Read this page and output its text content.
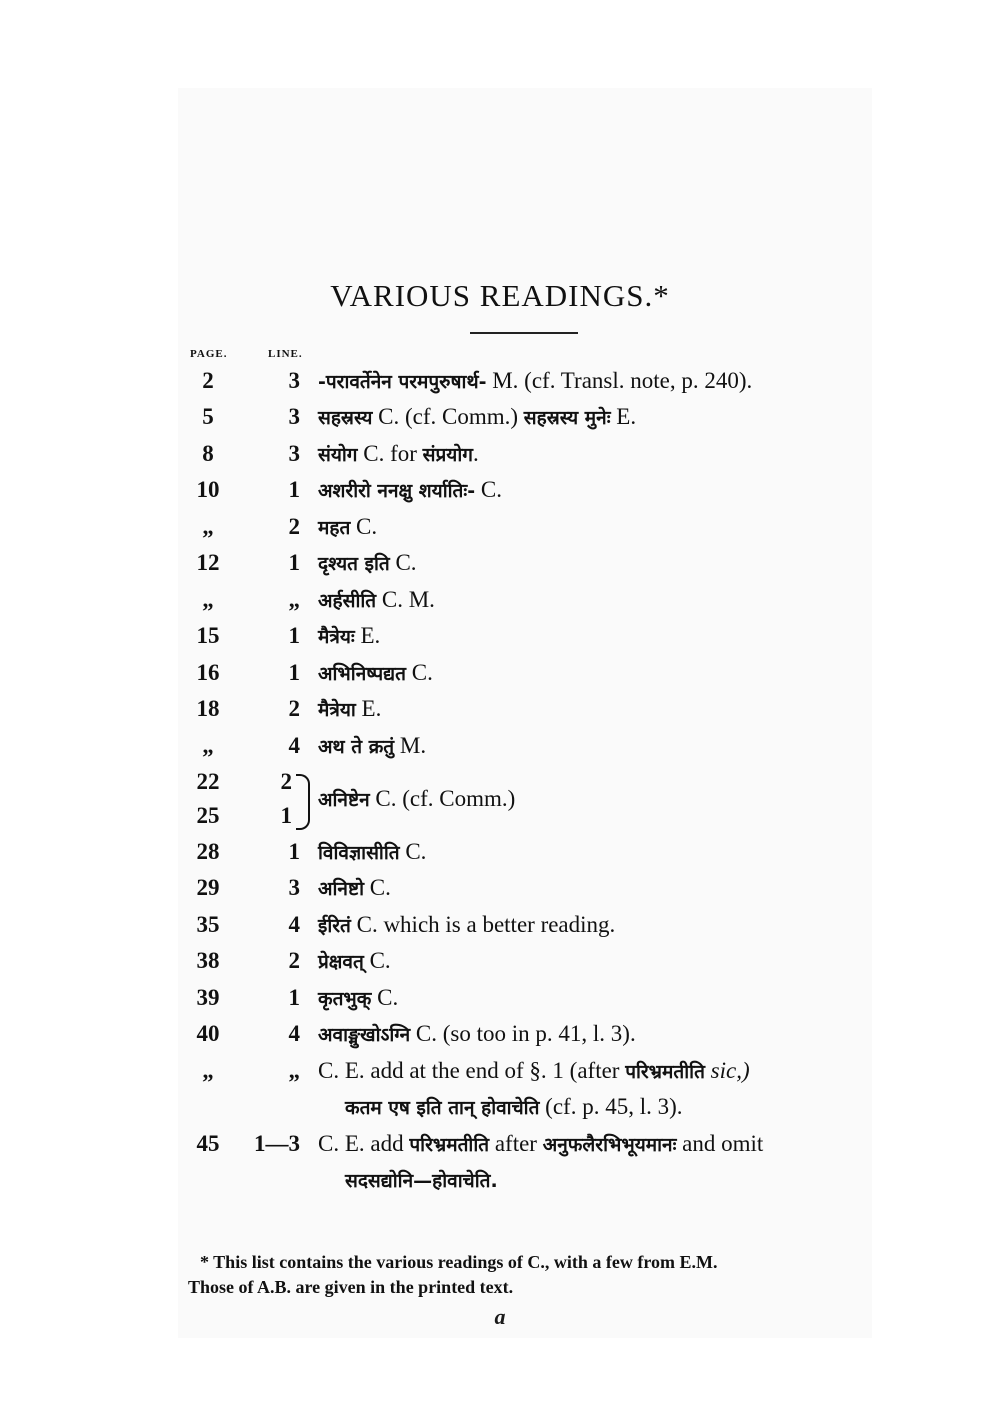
VARIOUS READINGS.*
PAGE.	LINE.
2	3 -परावर्तेनेन परमपुरुषार्थ- M. (cf. Transl. note, p. 240).
5	3 सहस्रस्य C. (cf. Comm.) सहस्रस्य मुनेः E.
8	3 संयोग C. for संप्रयोग.
10	1 अशरीरो ननक्षु शर्यातिः- C.
„	2 महत C.
12	1 दृश्यत इति C.
„	„ अर्हसीति C. M.
15	1 मैत्रेयः E.
16	1 अभिनिष्पद्यत C.
18	2 मैत्रेया E.
„	4 अथ ते क्रतुं M.
22	2
25	1
अनिष्टेन C. (cf. Comm.)
28	1 विविज्ञासीति C.
29	3 अनिष्टो C.
35	4 ईरितं C. which is a better reading.
38	2 प्रेक्षवत् C.
39	1 कृतभुक् C.
40	4 अवाङ्मुखोऽग्नि C. (so too in p. 41, l. 3).
„	„ C. E. add at the end of §. 1 (after परिभ्रमतीति sic,)
कतम एष इति तान् होवाचेति (cf. p. 45, l. 3).
45	1—3 C. E. add परिभ्रमतीति after अनुफलैरभिभूयमानः and omit
सदसद्योनि—होवाचेति.
* This list contains the various readings of C., with a few from E.M.
Those of A.B. are given in the printed text.
a
